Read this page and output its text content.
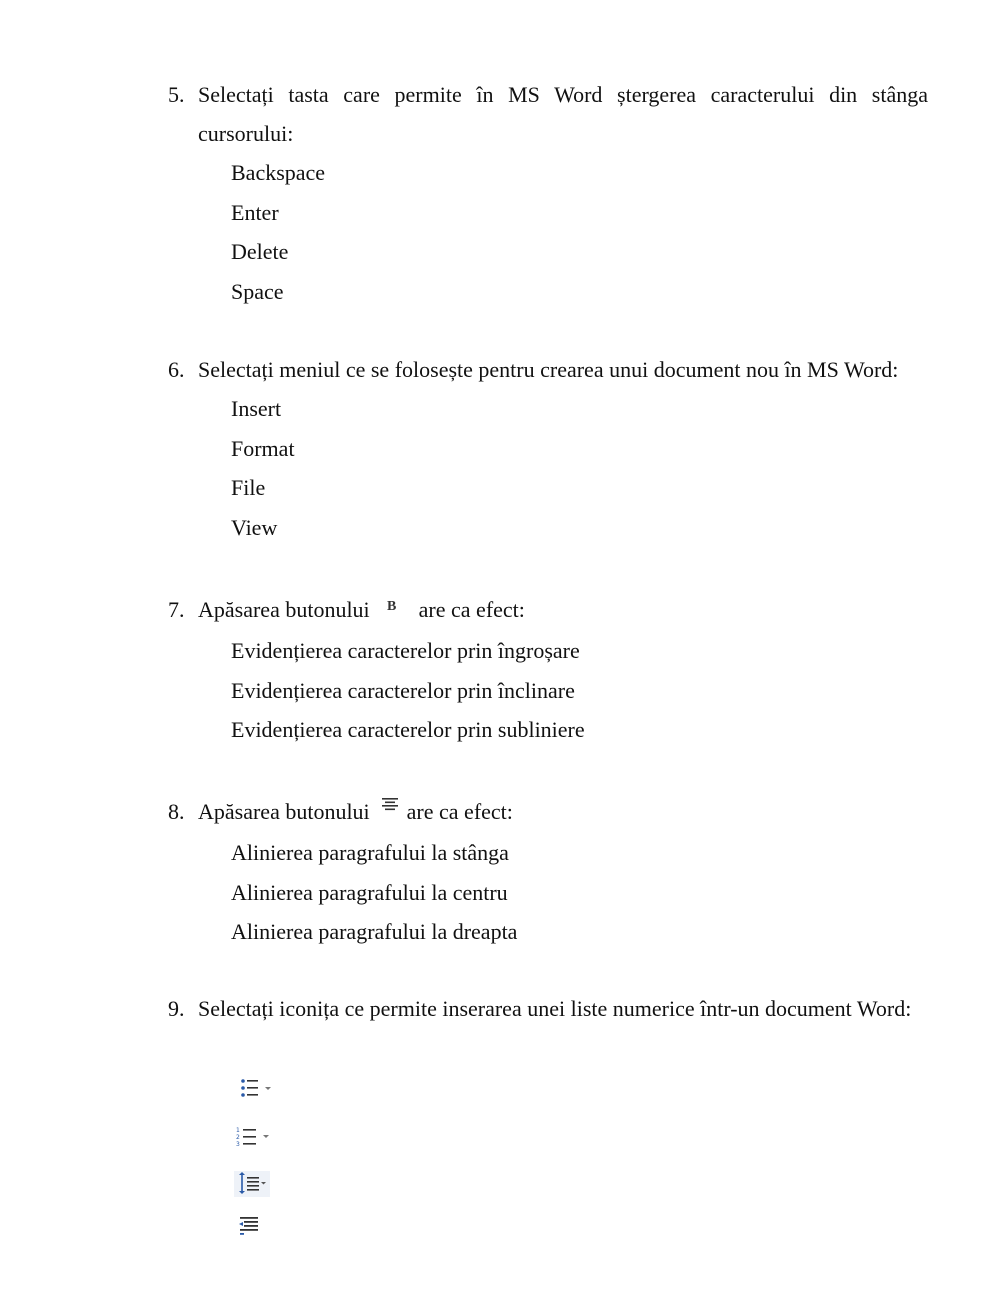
5. Selectați tasta care permite în MS Word ștergerea caracterului din stânga cursorului:
Backspace
Enter
Delete
Space
6. Selectați meniul ce se folosește pentru crearea unui document nou în MS Word:
Insert
Format
File
View
7. Apăsarea butonului B are ca efect:
Evidențierea caracterelor prin îngroșare
Evidențierea caracterelor prin înclinare
Evidențierea caracterelor prin subliniere
8. Apăsarea butonului are ca efect:
Alinierea paragrafului la stânga
Alinierea paragrafului la centru
Alinierea paragrafului la dreapta
9. Selectați iconița ce permite inserarea unei liste numerice într-un document Word:
1
2
3
